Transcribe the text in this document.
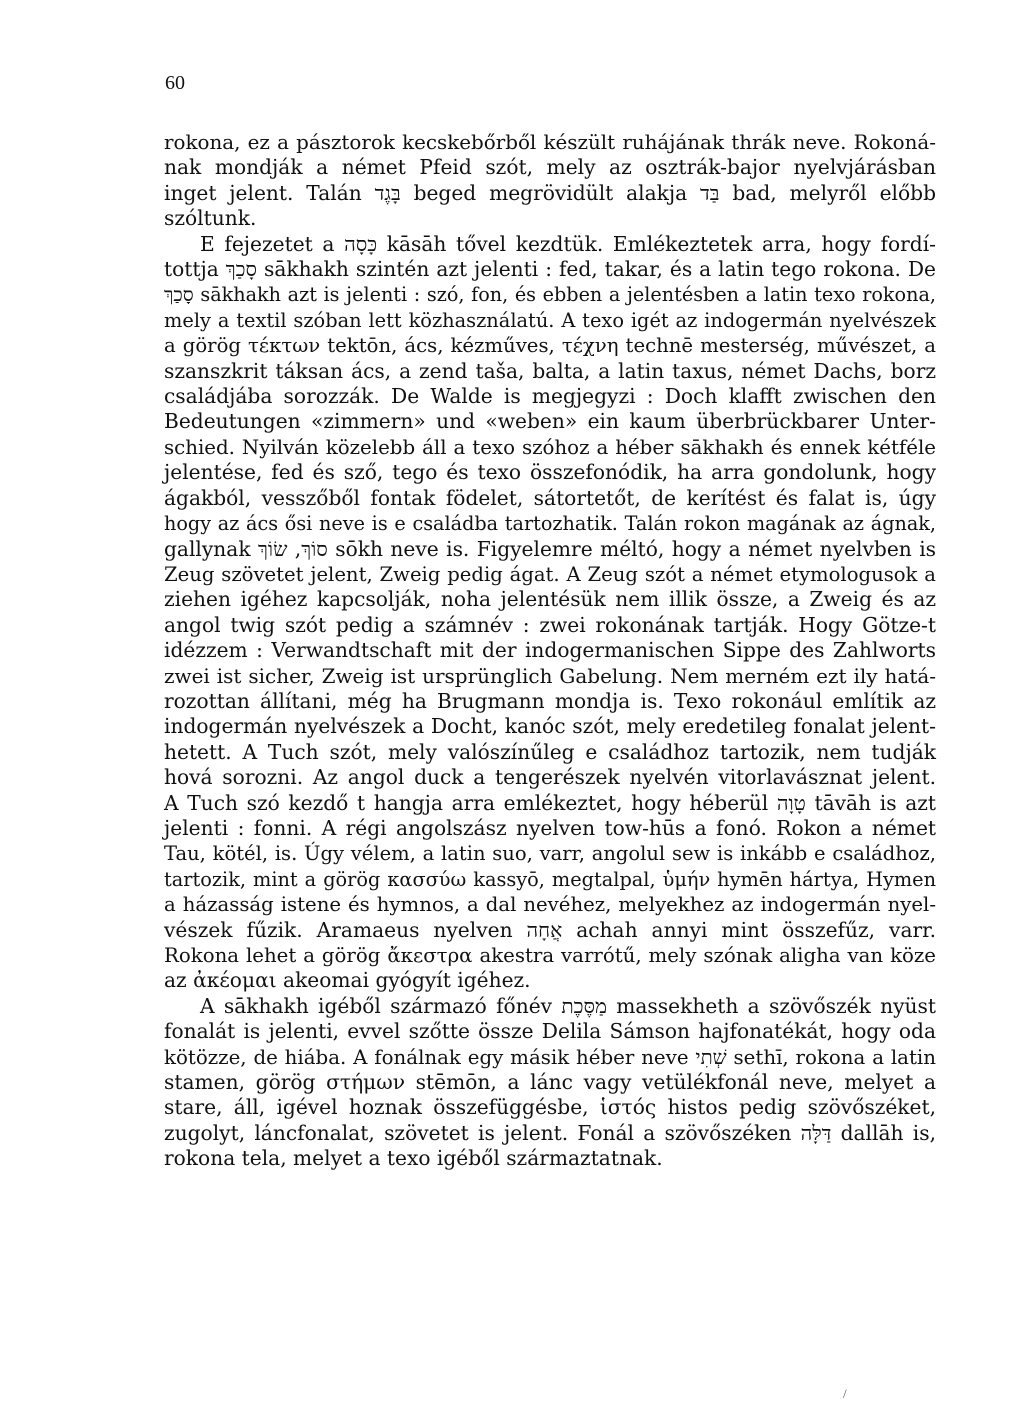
60

rokona, ez a pásztorok kecskebőrből készült ruhájának thrák neve. Rokoná-
nak mondják a német Pfeid szót, mely az osztrák-bajor nyelvjárásban
inget jelent. Talán בָּגֶד beged megrövidült alakja בַּד bad, melyről előbb
szóltunk.

E fejezetet a כָּסָה kāsāh tővel kezdtük. Emlékeztetek arra, hogy fordí-
tottja סָכַךְ sākhakh szintén azt jelenti : fed, takar, és a latin tego rokona. De
סָכַךְ sākhakh azt is jelenti : szó, fon, és ebben a jelentésben a latin texo rokona,
mely a textil szóban lett közhasználatú. A texo igét az indogermán nyelvészek
a görög τέκτων tektōn, ács, kézműves, τέχνη technē mesterség, művészet, a
szanszkrit táksan ács, a zend taša, balta, a latin taxus, német Dachs, borz
családjába sorozzák. De Walde is megjegyzi : Doch klafft zwischen den
Bedeutungen «zimmern» und «weben» ein kaum überbrückbarer Unter-
schied. Nyilván közelebb áll a texo szóhoz a héber sākhakh és ennek kétféle
jelentése, fed és sző, tego és texo összefonódik, ha arra gondolunk, hogy
ágakból, vesszőből fontak födelet, sátortetőt, de kerítést és falat is, úgy
hogy az ács ősi neve is e családba tartozhatik. Talán rokon magának az ágnak,
gallynak סוֹךְ, שׂוֹךְ sōkh neve is. Figyelemre méltó, hogy a német nyelvben is
Zeug szövetet jelent, Zweig pedig ágat. A Zeug szót a német etymologusok a
ziehen igéhez kapcsolják, noha jelentésük nem illik össze, a Zweig és az
angol twig szót pedig a számnév : zwei rokonának tartják. Hogy Götze-t
idézzem : Verwandtschaft mit der indogermanischen Sippe des Zahlworts
zwei ist sicher, Zweig ist ursprünglich Gabelung. Nem merném ezt ily hatá-
rozottan állítani, még ha Brugmann mondja is. Texo rokonául említik az
indogermán nyelvészek a Docht, kanóc szót, mely eredetileg fonalat jelent-
hetett. A Tuch szót, mely valószínűleg e családhoz tartozik, nem tudják
hová sorozni. Az angol duck a tengerészek nyelvén vitorlavásznat jelent.
A Tuch szó kezdő t hangja arra emlékeztet, hogy héberül טָוָה tāvāh is azt
jelenti : fonni. A régi angolszász nyelven tow-hūs a fonó. Rokon a német
Tau, kötél, is. Úgy vélem, a latin suo, varr, angolul sew is inkább e családhoz,
tartozik, mint a görög κασσύω kassyō, megtalpal, ὑμήν hymēn hártya, Hymen
a házasság istene és hymnos, a dal nevéhez, melyekhez az indogermán nyel-
vészek fűzik. Aramaeus nyelven אֲחָה achah annyi mint összefűz, varr.
Rokona lehet a görög ἄκεστρα akestra varrótű, mely szónak aligha van köze
az ἀκέομαι akeomai gyógyít igéhez.

A sākhakh igéből származó főnév מַסֶּכֶת massekheth a szövőszék nyüst
fonalát is jelenti, evvel szőtte össze Delila Sámson hajfonatékát, hogy oda
kötözze, de hiába. A fonálnak egy másik héber neve שְׁתִי sethī, rokona a latin
stamen, görög στήμων stēmōn, a lánc vagy vetülékfonál neve, melyet a
stare, áll, igével hoznak összefüggésbe, ἱστός histos pedig szövőszéket,
zugolyt, láncfonalat, szövetet is jelent. Fonál a szövőszéken דַּלָּה dallāh is,
rokona tela, melyet a texo igéből származtatnak.

/
